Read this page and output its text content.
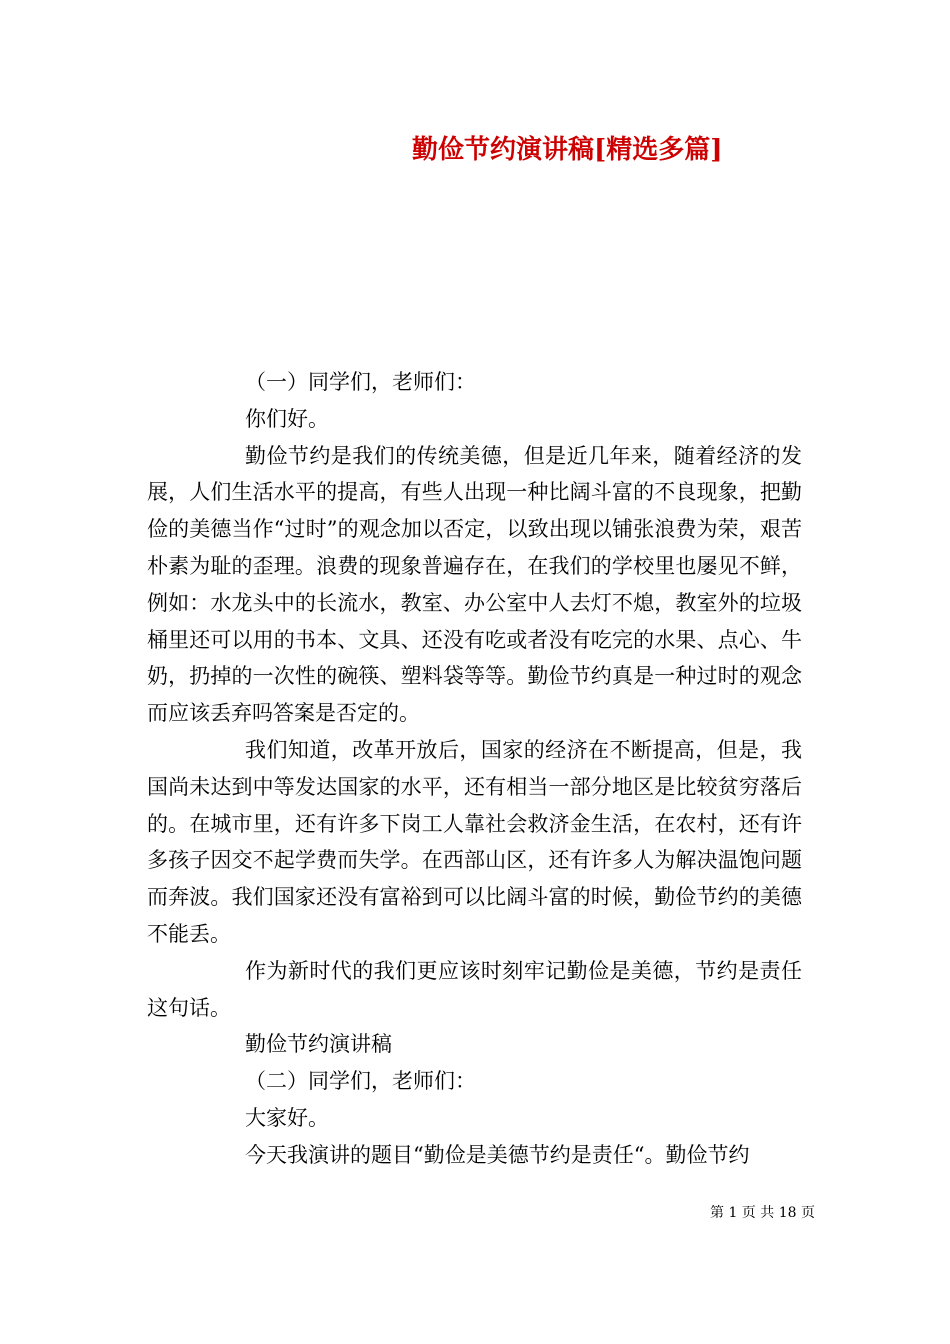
勤俭节约演讲稿[精选多篇]

（一）同学们，老师们：

你们好。

勤俭节约是我们的传统美德，但是近几年来，随着经济的发展，人们生活水平的提高，有些人出现一种比阔斗富的不良现象，把勤俭的美德当作“过时”的观念加以否定，以致出现以铺张浪费为荣，艰苦朴素为耻的歪理。浪费的现象普遍存在，在我们的学校里也屡见不鲜，例如：水龙头中的长流水，教室、办公室中人去灯不熄，教室外的垃圾桶里还可以用的书本、文具、还没有吃或者没有吃完的水果、点心、牛奶，扔掉的一次性的碗筷、塑料袋等等。勤俭节约真是一种过时的观念而应该丢弃吗答案是否定的。

我们知道，改革开放后，国家的经济在不断提高，但是，我国尚未达到中等发达国家的水平，还有相当一部分地区是比较贫穷落后的。在城市里，还有许多下岗工人靠社会救济金生活，在农村，还有许多孩子因交不起学费而失学。在西部山区，还有许多人为解决温饱问题而奔波。我们国家还没有富裕到可以比阔斗富的时候，勤俭节约的美德不能丢。

作为新时代的我们更应该时刻牢记勤俭是美德，节约是责任这句话。

勤俭节约演讲稿

（二）同学们，老师们：

大家好。

今天我演讲的题目“勤俭是美德节约是责任“。勤俭节约

第 1 页 共 18 页
